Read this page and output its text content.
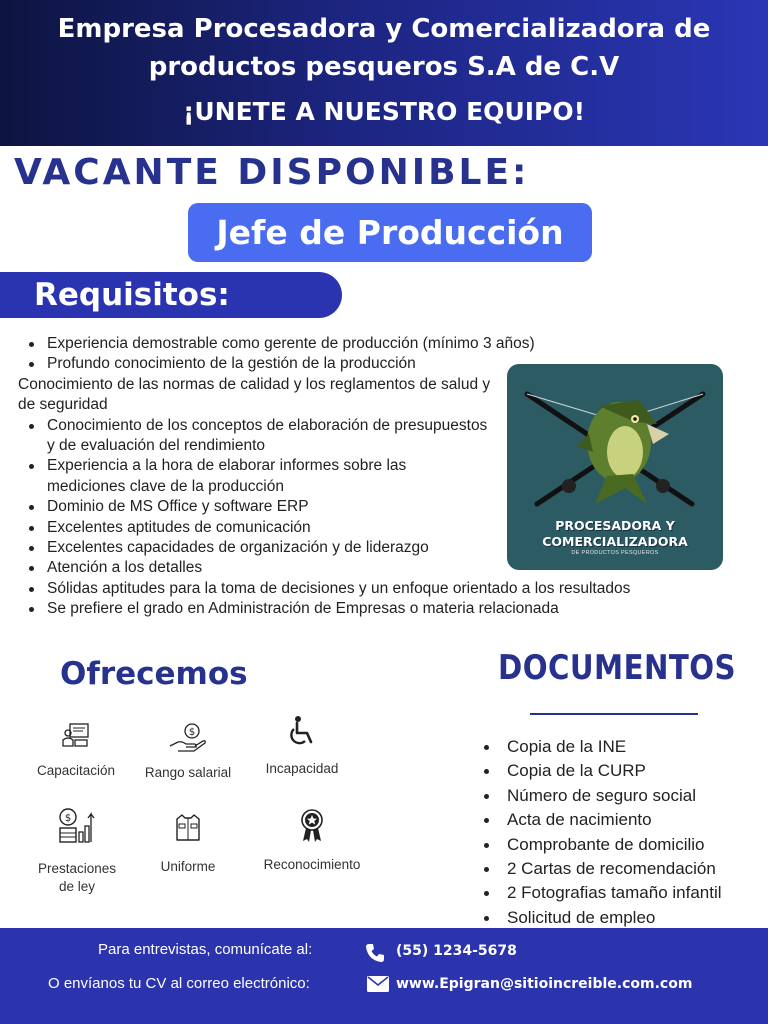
Empresa Procesadora y Comercializadora de
productos pesqueros S.A de C.V
¡UNETE A NUESTRO EQUIPO!
VACANTE DISPONIBLE:
Jefe de Producción
Requisitos:
Experiencia demostrable como gerente de producción (mínimo 3 años)
Profundo conocimiento de la gestión de la producción
Conocimiento de las normas de calidad y los reglamentos de salud y de seguridad
Conocimiento de los conceptos de elaboración de presupuestos y de evaluación del rendimiento
Experiencia a la hora de elaborar informes sobre las mediciones clave de la producción
Dominio de MS Office y software ERP
Excelentes aptitudes de comunicación
Excelentes capacidades de organización y de liderazgo
Atención a los detalles
Sólidas aptitudes para la toma de decisiones y un enfoque orientado a los resultados
Se prefiere el grado en Administración de Empresas o materia relacionada
PROCESADORA Y
COMERCIALIZADORA
DE PRODUCTOS PESQUEROS
Ofrecemos
Capacitación
$
Rango salarial	Incapacidad
$
Prestaciones
de ley
Uniforme	Reconocimiento
DOCUMENTOS
Copia de la INE
Copia de la CURP
Número de seguro social
Acta de nacimiento
Comprobante de domicilio
2 Cartas de recomendación
2 Fotografias tamaño infantil
Solicitud de empleo
Para entrevistas, comunícate al:	(55) 1234-5678
O envíanos tu CV al correo electrónico:	www.Epigran@sitioincreible.com.com
